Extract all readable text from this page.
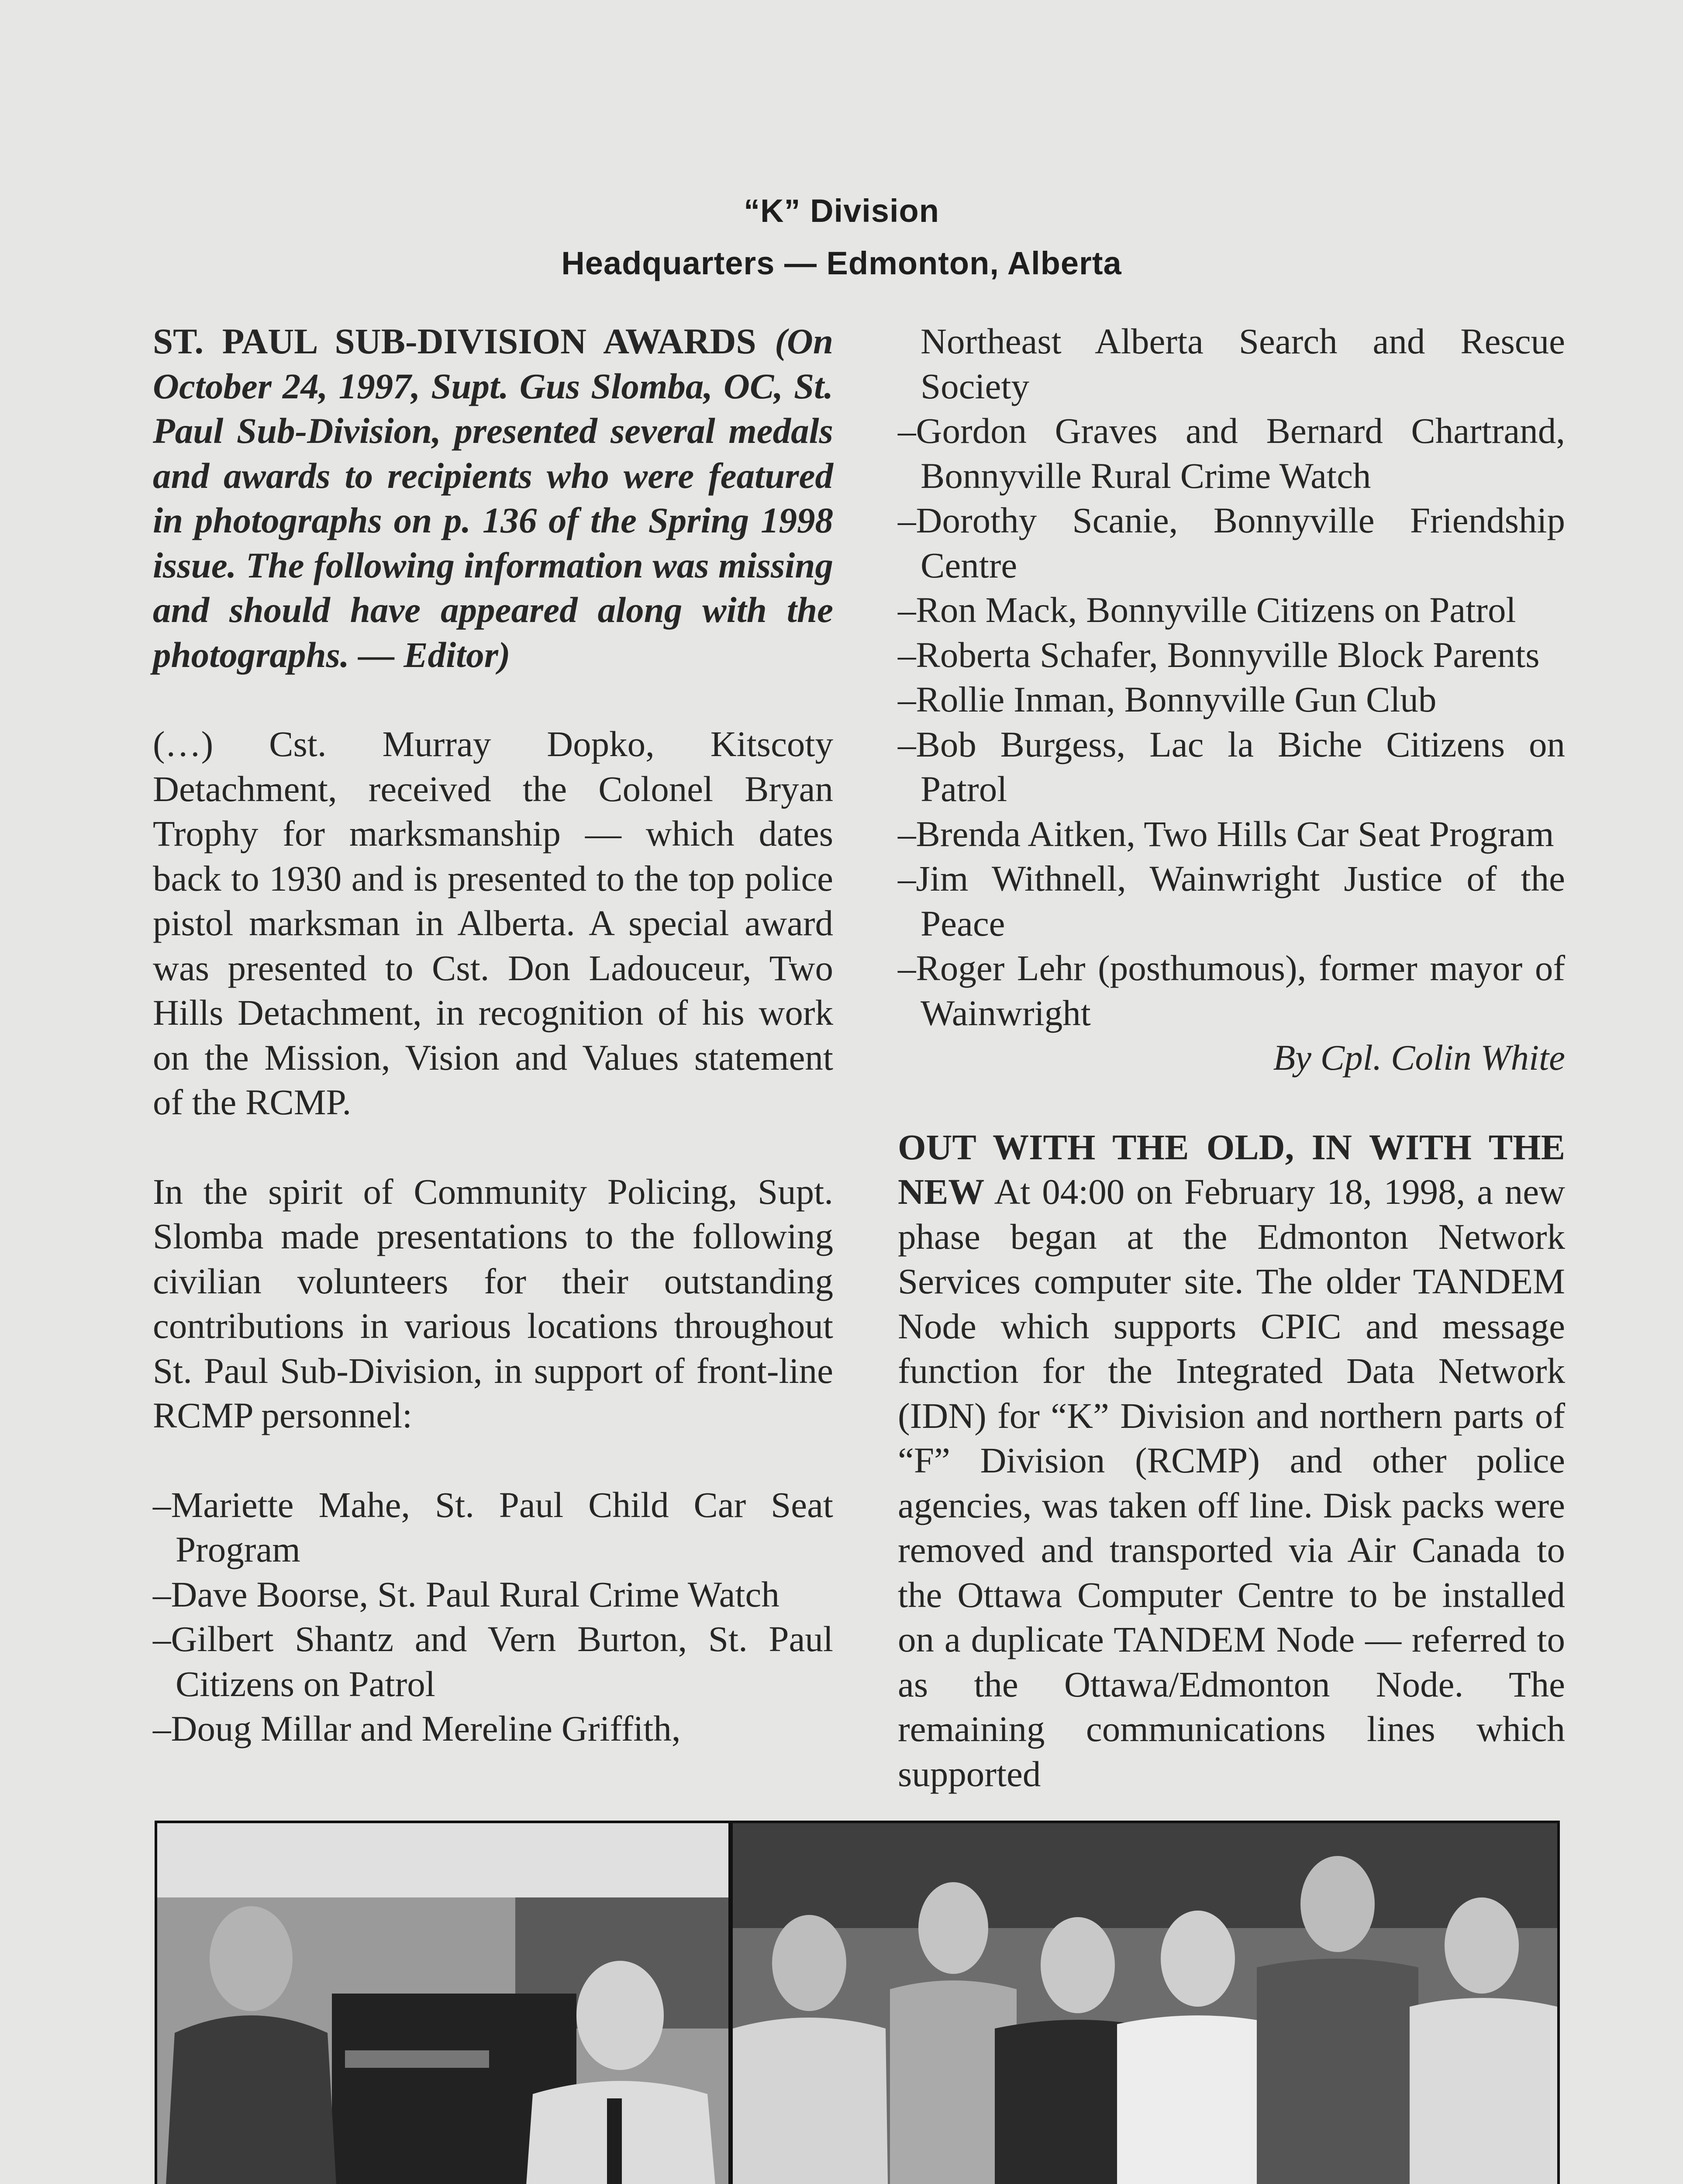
“K” Division
Headquarters — Edmonton, Alberta

ST. PAUL SUB-DIVISION AWARDS (On October 24, 1997, Supt. Gus Slomba, OC, St. Paul Sub-Division, presented several medals and awards to recipients who were featured in photographs on p. 136 of the Spring 1998 issue. The following information was missing and should have appeared along with the photographs. — Editor)

(…) Cst. Murray Dopko, Kitscoty Detachment, received the Colonel Bryan Trophy for marksmanship — which dates back to 1930 and is presented to the top police pistol marksman in Alberta. A special award was presented to Cst. Don Ladouceur, Two Hills Detachment, in recognition of his work on the Mission, Vision and Values statement of the RCMP.

In the spirit of Community Policing, Supt. Slomba made presentations to the following civilian volunteers for their outstanding contributions in various locations throughout St. Paul Sub-Division, in support of front-line RCMP personnel:

–Mariette Mahe, St. Paul Child Car Seat Program

–Dave Boorse, St. Paul Rural Crime Watch

–Gilbert Shantz and Vern Burton, St. Paul Citizens on Patrol

–Doug Millar and Mereline Griffith,

Northeast Alberta Search and Rescue Society

–Gordon Graves and Bernard Chartrand, Bonnyville Rural Crime Watch

–Dorothy Scanie, Bonnyville Friendship Centre

–Ron Mack, Bonnyville Citizens on Patrol

–Roberta Schafer, Bonnyville Block Parents

–Rollie Inman, Bonnyville Gun Club

–Bob Burgess, Lac la Biche Citizens on Patrol

–Brenda Aitken, Two Hills Car Seat Program

–Jim Withnell, Wainwright Justice of the Peace

–Roger Lehr (posthumous), former mayor of Wainwright

By Cpl. Colin White

OUT WITH THE OLD, IN WITH THE NEW At 04:00 on February 18, 1998, a new phase began at the Edmonton Network Services computer site. The older TANDEM Node which supports CPIC and message function for the Integrated Data Network (IDN) for “K” Division and northern parts of “F” Division (RCMP) and other police agencies, was taken off line. Disk packs were removed and transported via Air Canada to the Ottawa Computer Centre to be installed on a duplicate TANDEM Node — referred to as the Ottawa/Edmonton Node. The remaining communications lines which supported
